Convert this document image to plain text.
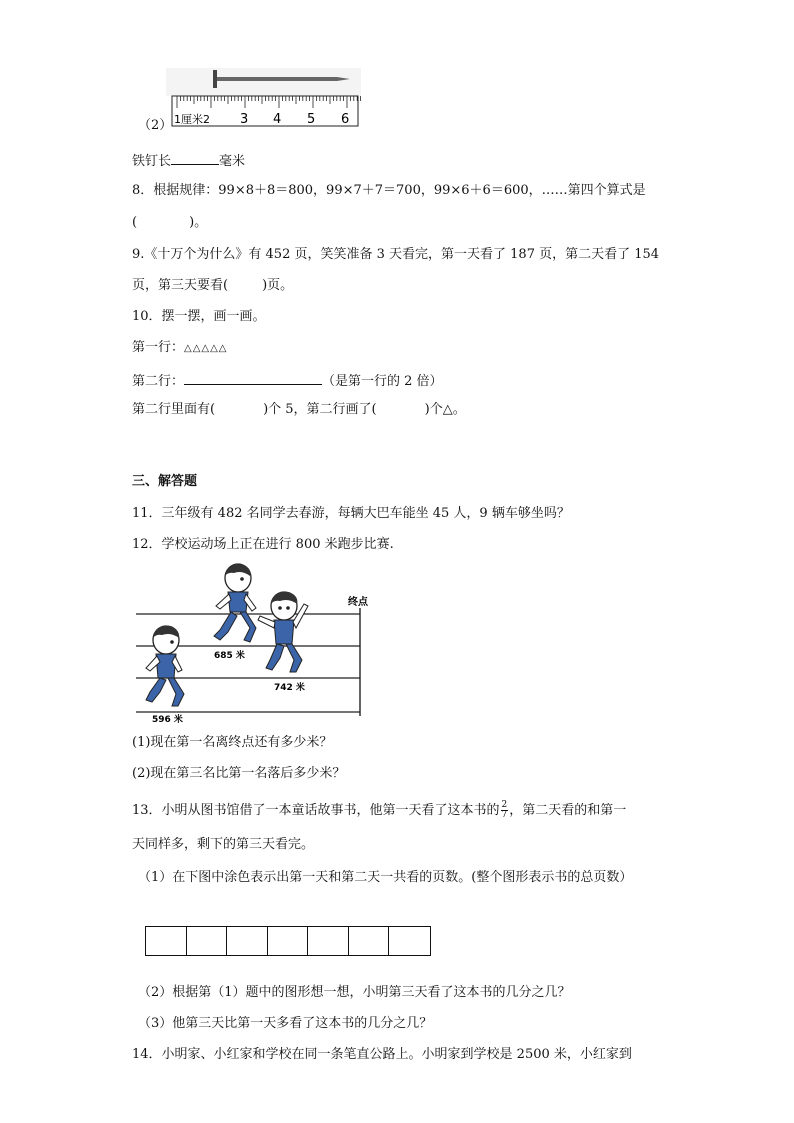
1厘米2 3 4 5 6
（2）
铁钉长	毫米
8．根据规律：99×8＋8＝800，99×7＋7＝700，99×6＋6＝600，……第四个算式是
(	)。
9.《十万个为什么》有 452 页，笑笑准备 3 天看完，第一天看了 187 页，第二天看了 154
页，第三天要看(	)页。
10．摆一摆，画一画。
第一行：△△△△△
第二行：	（是第一行的 2 倍）
第二行里面有(	)个 5，第二行画了(	)个△。
三、解答题
11．三年级有 482 名同学去春游，每辆大巴车能坐 45 人，9 辆车够坐吗？
12．学校运动场上正在进行 800 米跑步比赛.
终点
685 米
742 米
596 米
(1)现在第一名离终点还有多少米？
(2)现在第三名比第一名落后多少米？
13．小明从图书馆借了一本童话故事书，他第一天看了这本书的 $\frac{2}{7}$ ，第二天看的和第一
天同样多，剩下的第三天看完。
（1）在下图中涂色表示出第一天和第二天一共看的页数。(整个图形表示书的总页数）
（2）根据第（1）题中的图形想一想，小明第三天看了这本书的几分之几？
（3）他第三天比第一天多看了这本书的几分之几？
14．小明家、小红家和学校在同一条笔直公路上。小明家到学校是 2500 米，小红家到
